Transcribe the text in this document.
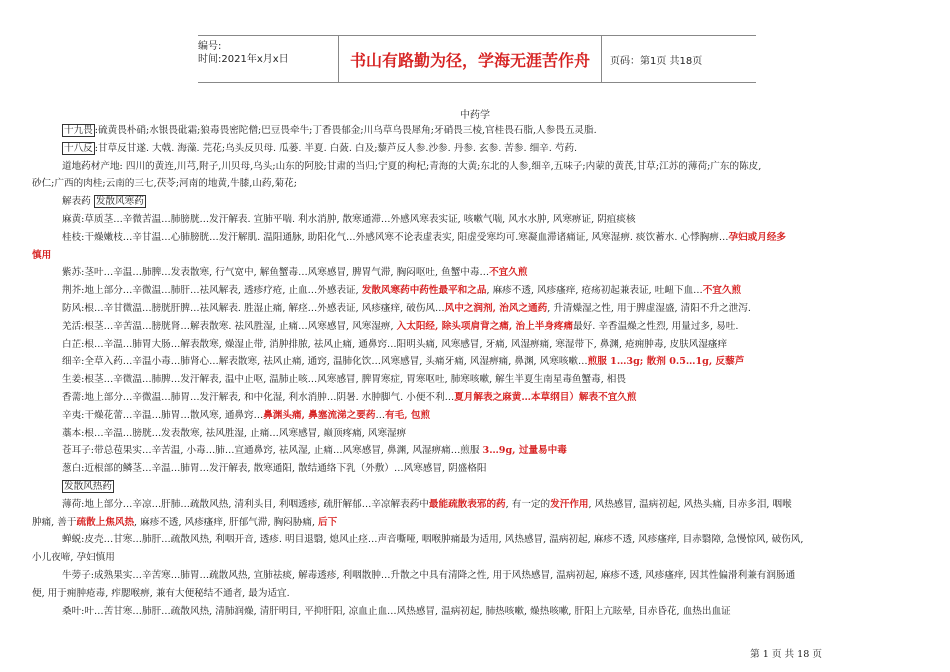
编号:
时间:2021年x月x日	书山有路勤为径，学海无涯苦作舟	页码：第1页 共18页
中药学

十九畏 :硫黄畏朴硝;水银畏砒霜;狼毒畏密陀僧;巴豆畏牵牛;丁香畏郁金;川乌草乌畏犀角;牙硝畏三棱,官桂畏石脂,人参畏五灵脂.

十八反 :甘草反甘遂. 大戟. 海藻. 芫花;乌头反贝母. 瓜蒌. 半夏. 白蔹. 白及;藜芦反人参.沙参. 丹参. 玄参. 苦参. 细辛. 芍药.

道地药材产地: 四川的黄连,川芎,附子,川贝母,乌头;山东的阿胶;甘肃的当归;宁夏的枸杞;青海的大黄;东北的人参,细辛,五味子;内蒙的黄芪,甘草;江苏的薄荷;广东的陈皮,

砂仁;广西的肉桂;云南的三七,茯苓;河南的地黄,牛膝,山药,菊花;

解表药 发散风寒药

麻黄:草质茎…辛微苦温…肺膀胱…发汗解表. 宣肺平喘. 利水消肿, 散寒通滞…外感风寒表实证, 咳嗽气喘, 风水水肿, 风寒痹证, 阴疽痰核

桂枝:干燥嫩枝…辛甘温…心肺膀胱…发汗解肌. 温阳通脉, 助阳化气…外感风寒不论表虚表实, 阳虚受寒均可.寒凝血滞诸痛证, 风寒湿痹. 痰饮蓄水. 心悸胸痹…孕妇或月经多

慎用

紫苏:茎叶…辛温…肺脾…发表散寒, 行气宽中, 解鱼蟹毒…风寒感冒, 脾胃气滞, 胸闷呕吐, 鱼蟹中毒…不宜久煎

荆芥:地上部分…辛微温…肺肝…祛风解表, 透疹疗疮, 止血…外感表证, 发散风寒药中药性最平和之品, 麻疹不透, 风疹瘙痒, 疮疡初起兼表证, 吐衄下血…不宜久煎

防风:根…辛甘微温…膀胱肝脾…祛风解表. 胜湿止痛, 解痉…外感表证, 风疹瘙痒, 破伤风…风中之润剂, 治风之通药, 升清燥湿之性, 用于脾虚湿盛, 清阳不升之泄泻.

羌活:根茎…辛苦温…膀胱肾…解表散寒. 祛风胜湿, 止痛…风寒感冒, 风寒湿痹, 入太阳经, 除头项肩背之痛, 治上半身疼痛最好. 辛香温燥之性烈, 用量过多, 易吐.

白芷:根…辛温…肺胃大肠…解表散寒, 燥湿止带, 消肿排脓, 祛风止痛, 通鼻窍…阳明头痛, 风寒感冒, 牙痛, 风湿痹痛, 寒湿带下, 鼻渊, 疮痈肿毒, 皮肤风湿瘙痒

细辛:全草入药…辛温小毒…肺肾心…解表散寒, 祛风止痛, 通窍, 温肺化饮…风寒感冒, 头痛牙痛, 风湿痹痛, 鼻渊, 风寒咳嗽…煎服 1…3g; 散剂 0.5…1g, 反藜芦

生姜:根茎…辛微温…肺脾…发汗解表, 温中止呕, 温肺止咳…风寒感冒, 脾胃寒症, 胃寒呕吐, 肺寒咳嗽, 解生半夏生南星毒鱼蟹毒, 相畏

香薷:地上部分…辛微温…肺胃…发汗解表, 和中化湿, 利水消肿…阴暑. 水肿脚气. 小便不利…夏月解表之麻黄…本草纲目）解表不宜久煎

辛夷:干燥花蕾…辛温…肺胃…散风寒, 通鼻窍…鼻渊头痛, 鼻塞流涕之要药…有毛, 包煎

藁本:根…辛温…膀胱…发表散寒, 祛风胜湿, 止痛…风寒感冒, 巅顶疼痛, 风寒湿痹

苍耳子:带总苞果实…辛苦温, 小毒…肺…宣通鼻窍, 祛风湿, 止痛…风寒感冒, 鼻渊, 风湿痹痛…煎服 3…9g, 过量易中毒

葱白:近根部的鳞茎…辛温…肺胃…发汗解表, 散寒通阳, 散结通络下乳（外敷）…风寒感冒, 阴盛格阳

发散风热药

薄荷:地上部分…辛凉…肝肺…疏散风热, 清利头目, 利咽透疹, 疏肝解郁…辛凉解表药中最能疏散表邪的药, 有一定的发汗作用, 风热感冒, 温病初起, 风热头痛, 目赤多泪, 咽喉

肿痛, 善于疏散上焦风热, 麻疹不透, 风疹瘙痒, 肝郁气滞, 胸闷胁痛, 后下

蝉蜕:皮壳…甘寒…肺肝…疏散风热, 利咽开音, 透疹. 明目退翳, 熄风止痉…声音嘶哑, 咽喉肿痛最为适用, 风热感冒, 温病初起, 麻疹不透, 风疹瘙痒, 目赤翳障, 急慢惊风, 破伤风,

小儿夜啼, 孕妇慎用

牛蒡子:成熟果实…辛苦寒…肺胃…疏散风热, 宣肺祛痰, 解毒透疹, 利咽散肿…升散之中具有清降之性, 用于风热感冒, 温病初起, 麻疹不透, 风疹瘙痒, 因其性偏滑利兼有润肠通

便, 用于痈肿疮毒, 痄腮喉痹, 兼有大便秘结不通者, 最为适宜.

桑叶:叶…苦甘寒…肺肝…疏散风热, 清肺润燥, 清肝明目, 平抑肝阳, 凉血止血…风热感冒, 温病初起, 肺热咳嗽, 燥热咳嗽, 肝阳上亢眩晕, 目赤昏花, 血热出血证

第 1 页 共 18 页
